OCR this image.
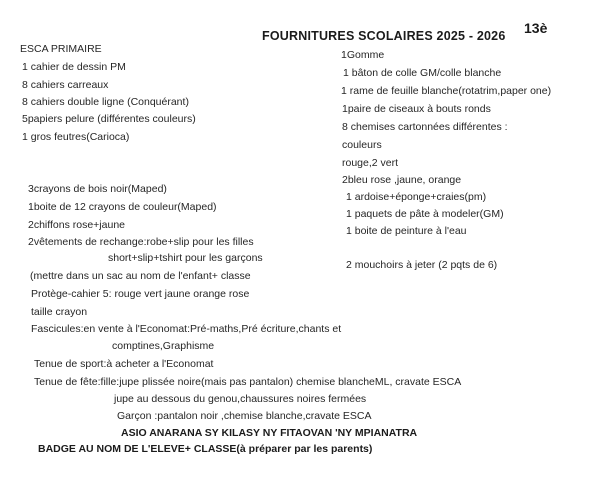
FOURNITURES SCOLAIRES 2025 - 2026 13è
ESCA PRIMAIRE
1 cahier de dessin PM
8 cahiers carreaux
8 cahiers double ligne (Conquérant)
5papiers pelure (différentes couleurs)
1 gros feutres(Carioca)
1Gomme
1 bâton de colle GM/colle blanche
1 rame de feuille blanche(rotatrim,paper one)
1paire de ciseaux à bouts ronds
8 chemises cartonnées différentes :
couleurs
rouge,2 vert
2bleu rose ,jaune, orange
1 ardoise+éponge+craies(pm)
1 paquets de pâte à modeler(GM)
1 boite de peinture à l'eau
2 mouchoirs à jeter (2 pqts de 6)
3crayons de bois noir(Maped)
1boite de 12 crayons de couleur(Maped)
2chiffons rose+jaune
2vêtements de rechange:robe+slip pour les filles
short+slip+tshirt pour les garçons
(mettre dans un sac au nom de l'enfant+ classe
Protège-cahier 5: rouge vert jaune orange rose
taille crayon
Fascicules:en vente à l'Economat:Pré-maths,Pré écriture,chants et
comptines,Graphisme
Tenue de sport:à acheter a l'Economat
Tenue de fête:fille:jupe plissée noire(mais pas pantalon) chemise blancheML, cravate ESCA
jupe au dessous du genou,chaussures noires fermées
Garçon :pantalon noir ,chemise blanche,cravate ESCA
ASIO ANARANA SY KILASY NY FITAOVAN 'NY MPIANATRA
BADGE AU NOM DE L'ELEVE+ CLASSE(à préparer par les parents)
